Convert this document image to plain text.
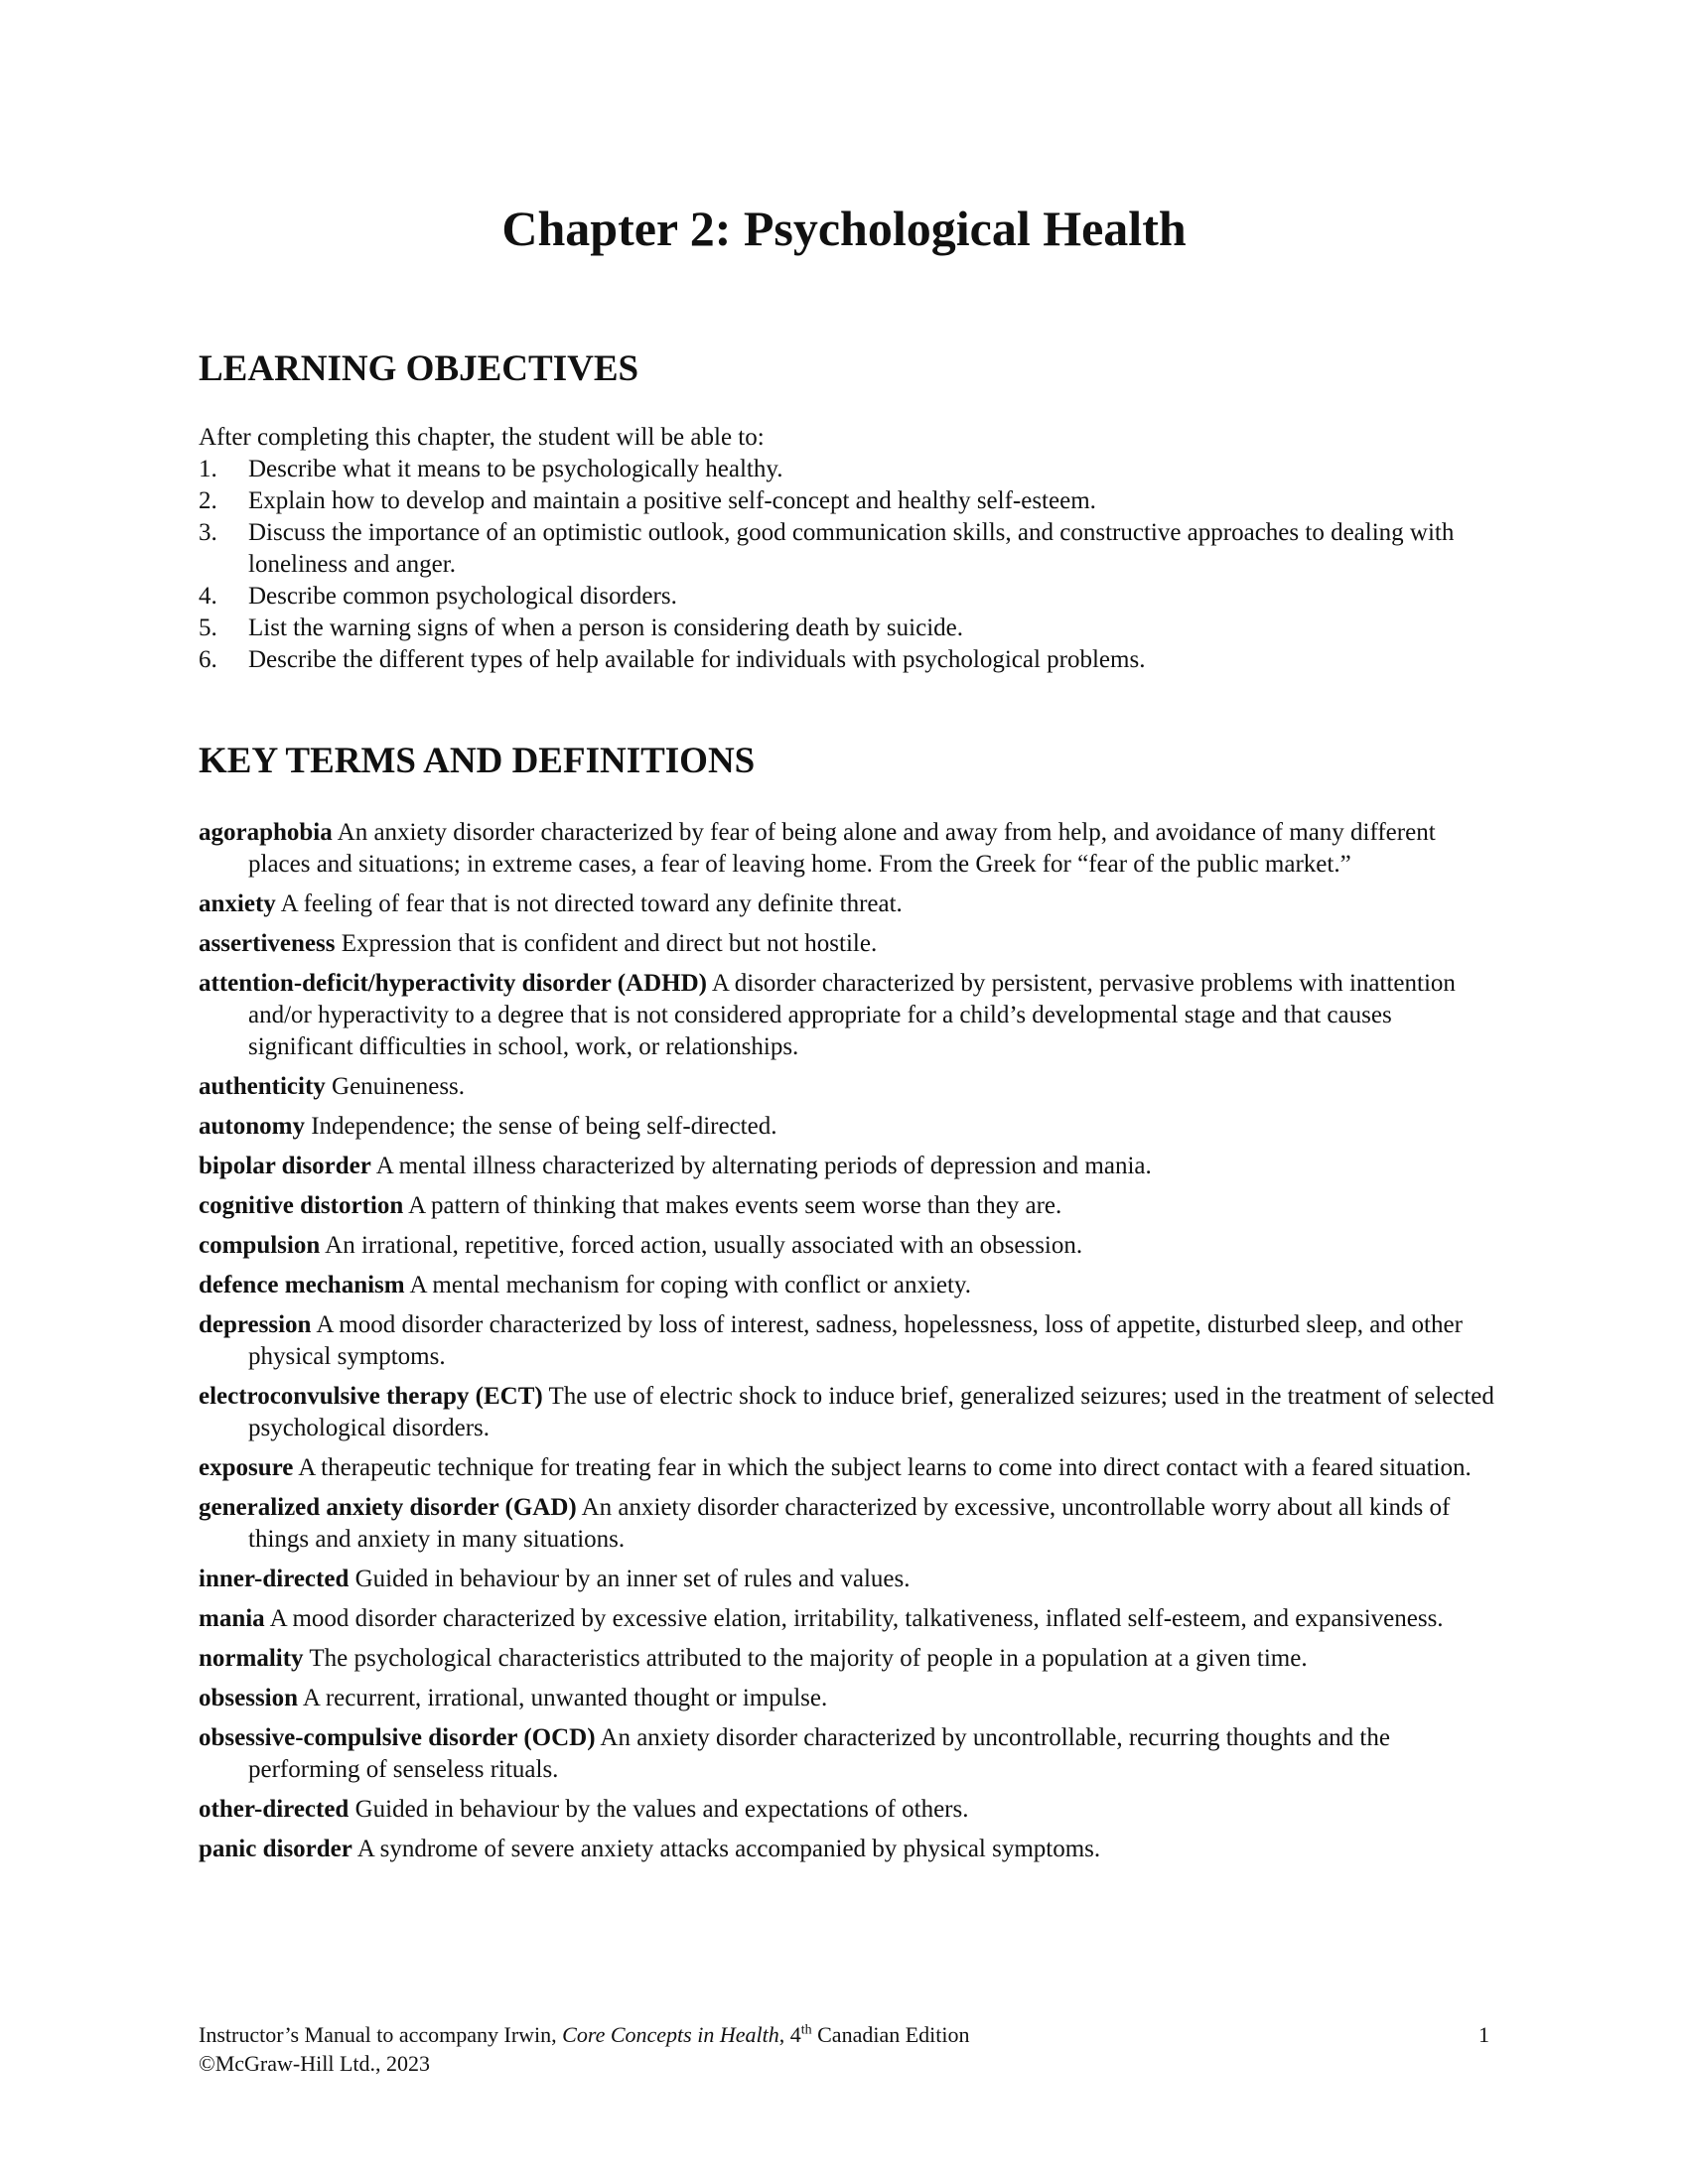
Chapter 2: Psychological Health
LEARNING OBJECTIVES

After completing this chapter, the student will be able to:

1.	Describe what it means to be psychologically healthy.
2.	Explain how to develop and maintain a positive self-concept and healthy self-esteem.
3.	Discuss the importance of an optimistic outlook, good communication skills, and constructive approaches to dealing with loneliness and anger.
4.	Describe common psychological disorders.
5.	List the warning signs of when a person is considering death by suicide.
6.	Describe the different types of help available for individuals with psychological problems.
KEY TERMS AND DEFINITIONS
agoraphobia An anxiety disorder characterized by fear of being alone and away from help, and avoidance of many different places and situations; in extreme cases, a fear of leaving home. From the Greek for “fear of the public market.”
anxiety A feeling of fear that is not directed toward any definite threat.
assertiveness Expression that is confident and direct but not hostile.
attention-deficit/hyperactivity disorder (ADHD) A disorder characterized by persistent, pervasive problems with inattention and/or hyperactivity to a degree that is not considered appropriate for a child’s developmental stage and that causes significant difficulties in school, work, or relationships.
authenticity Genuineness.
autonomy Independence; the sense of being self-directed.
bipolar disorder A mental illness characterized by alternating periods of depression and mania.
cognitive distortion A pattern of thinking that makes events seem worse than they are.
compulsion An irrational, repetitive, forced action, usually associated with an obsession.
defence mechanism A mental mechanism for coping with conflict or anxiety.
depression A mood disorder characterized by loss of interest, sadness, hopelessness, loss of appetite, disturbed sleep, and other physical symptoms.
electroconvulsive therapy (ECT) The use of electric shock to induce brief, generalized seizures; used in the treatment of selected psychological disorders.
exposure A therapeutic technique for treating fear in which the subject learns to come into direct contact with a feared situation.
generalized anxiety disorder (GAD) An anxiety disorder characterized by excessive, uncontrollable worry about all kinds of things and anxiety in many situations.
inner-directed Guided in behaviour by an inner set of rules and values.
mania A mood disorder characterized by excessive elation, irritability, talkativeness, inflated self-esteem, and expansiveness.
normality The psychological characteristics attributed to the majority of people in a population at a given time.
obsession A recurrent, irrational, unwanted thought or impulse.
obsessive-compulsive disorder (OCD) An anxiety disorder characterized by uncontrollable, recurring thoughts and the performing of senseless rituals.
other-directed Guided in behaviour by the values and expectations of others.
panic disorder A syndrome of severe anxiety attacks accompanied by physical symptoms.

Instructor’s Manual to accompany Irwin, Core Concepts in Health, 4th Canadian Edition

©McGraw-Hill Ltd., 2023

1
